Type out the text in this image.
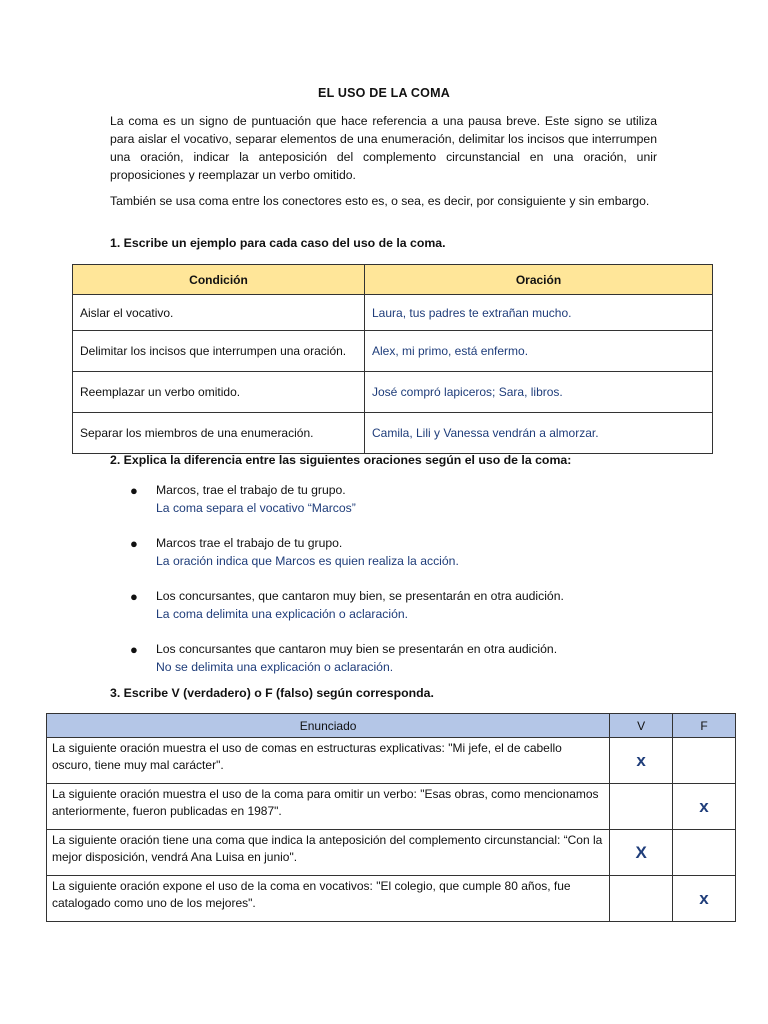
EL USO DE LA COMA
La coma es un signo de puntuación que hace referencia a una pausa breve. Este signo se utiliza para aislar el vocativo, separar elementos de una enumeración, delimitar los incisos que interrumpen una oración, indicar la anteposición del complemento circunstancial en una oración, unir proposiciones y reemplazar un verbo omitido.
También se usa coma entre los conectores esto es, o sea, es decir, por consiguiente y sin embargo.
1. Escribe un ejemplo para cada caso del uso de la coma.
Condición	Oración
Aislar el vocativo.	Laura, tus padres te extrañan mucho.
Delimitar los incisos que interrumpen una oración.	Alex, mi primo, está enfermo.
Reemplazar un verbo omitido.	José compró lapiceros; Sara, libros.
Separar los miembros de una enumeración.	Camila, Lili y Vanessa vendrán a almorzar.
2. Explica la diferencia entre las siguientes oraciones según el uso de la coma:
● Marcos, trae el trabajo de tu grupo.
La coma separa el vocativo “Marcos”
● Marcos trae el trabajo de tu grupo.
La oración indica que Marcos es quien realiza la acción.
● Los concursantes, que cantaron muy bien, se presentarán en otra audición.
La coma delimita una explicación o aclaración.
● Los concursantes que cantaron muy bien se presentarán en otra audición.
No se delimita una explicación o aclaración.
3. Escribe V (verdadero) o F (falso) según corresponda.
Enunciado	V	F
La siguiente oración muestra el uso de comas en estructuras explicativas: "Mi jefe, el de cabello oscuro, tiene muy mal carácter".	x	
La siguiente oración muestra el uso de la coma para omitir un verbo: "Esas obras, como mencionamos anteriormente, fueron publicadas en 1987".		x
La siguiente oración tiene una coma que indica la anteposición del complemento circunstancial: “Con la mejor disposición, vendrá Ana Luisa en junio".	X	
La siguiente oración expone el uso de la coma en vocativos: "El colegio, que cumple 80 años, fue catalogado como uno de los mejores".		x
